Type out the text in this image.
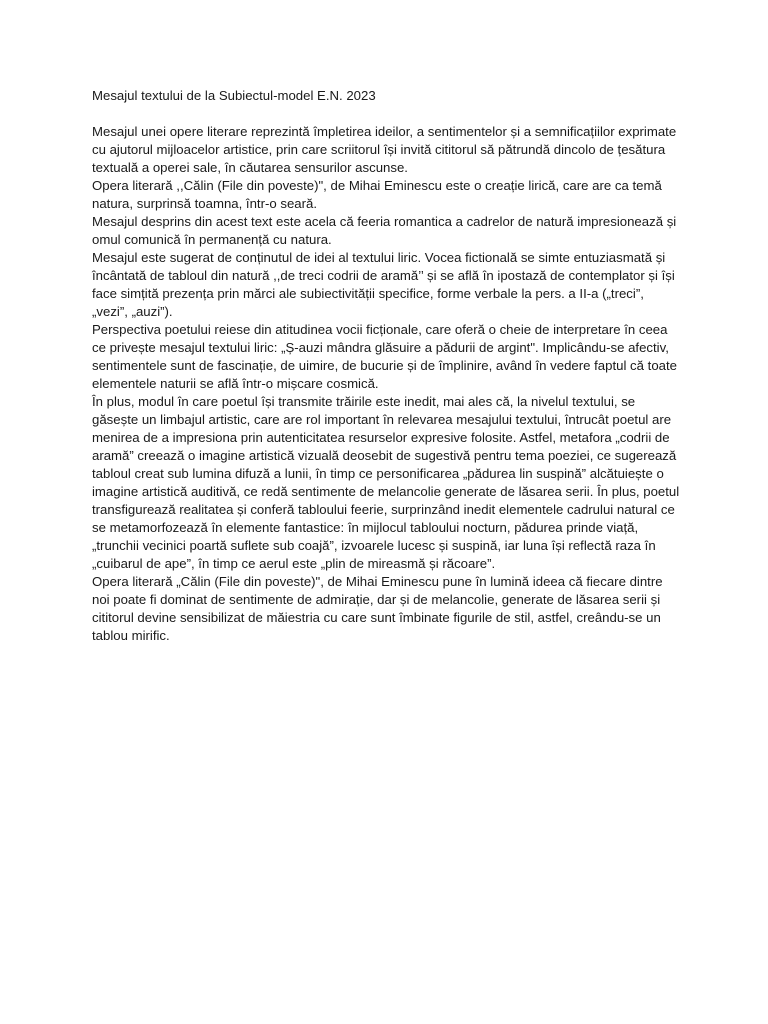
Mesajul textului de la Subiectul-model E.N. 2023

Mesajul unei opere literare reprezintă împletirea ideilor, a sentimentelor și a semnificațiilor exprimate cu ajutorul mijloacelor artistice, prin care scriitorul își invită cititorul să pătrundă dincolo de țesătura textuală a operei sale, în căutarea sensurilor ascunse.

Opera literară ,,Călin (File din poveste)", de Mihai Eminescu este o creație lirică, care are ca temă natura, surprinsă toamna, într-o seară.

Mesajul desprins din acest text este acela că feeria romantica a cadrelor de natură impresionează și omul comunică în permanență cu natura.

Mesajul este sugerat de conținutul de idei al textului liric. Vocea fictională se simte entuziasmată și încântată de tabloul din natură ,,de treci codrii de aramă’’ și se află în ipostază de contemplator și își face simțită prezența prin mărci ale subiectivității specifice, forme verbale la pers. a II-a („treci”, „vezi”, „auzi”).

Perspectiva poetului reiese din atitudinea vocii ficționale, care oferă o cheie de interpretare în ceea ce privește mesajul textului liric: „Ș-auzi mândra glăsuire a pădurii de argint". Implicându-se afectiv, sentimentele sunt de fascinație, de uimire, de bucurie și de împlinire, având în vedere faptul că toate elementele naturii se află într-o mișcare cosmică.

În plus, modul în care poetul își transmite trăirile este inedit, mai ales că, la nivelul textului, se găsește un limbajul artistic, care are rol important în relevarea mesajului textului, întrucât poetul are menirea de a impresiona prin autenticitatea resurselor expresive folosite. Astfel, metafora „codrii de aramă” creează o imagine artistică vizuală deosebit de sugestivă pentru tema poeziei, ce sugerează tabloul creat sub lumina difuză a lunii, în timp ce personificarea „pădurea lin suspină” alcătuiește o imagine artistică auditivă, ce redă sentimente de melancolie generate de lăsarea serii. În plus, poetul transfigurează realitatea și conferă tabloului feerie, surprinzând inedit elementele cadrului natural ce se metamorfozează în elemente fantastice: în mijlocul tabloului nocturn, pădurea prinde viață, „trunchii vecinici poartă suflete sub coajă”, izvoarele lucesc și suspină, iar luna își reflectă raza în „cuibarul de ape”, în timp ce aerul este „plin de mireasmă și răcoare”.

Opera literară „Călin (File din poveste)", de Mihai Eminescu pune în lumină ideea că fiecare dintre noi poate fi dominat de sentimente de admirație, dar și de melancolie, generate de lăsarea serii și cititorul devine sensibilizat de măiestria cu care sunt îmbinate figurile de stil, astfel, creându-se un tablou mirific.
